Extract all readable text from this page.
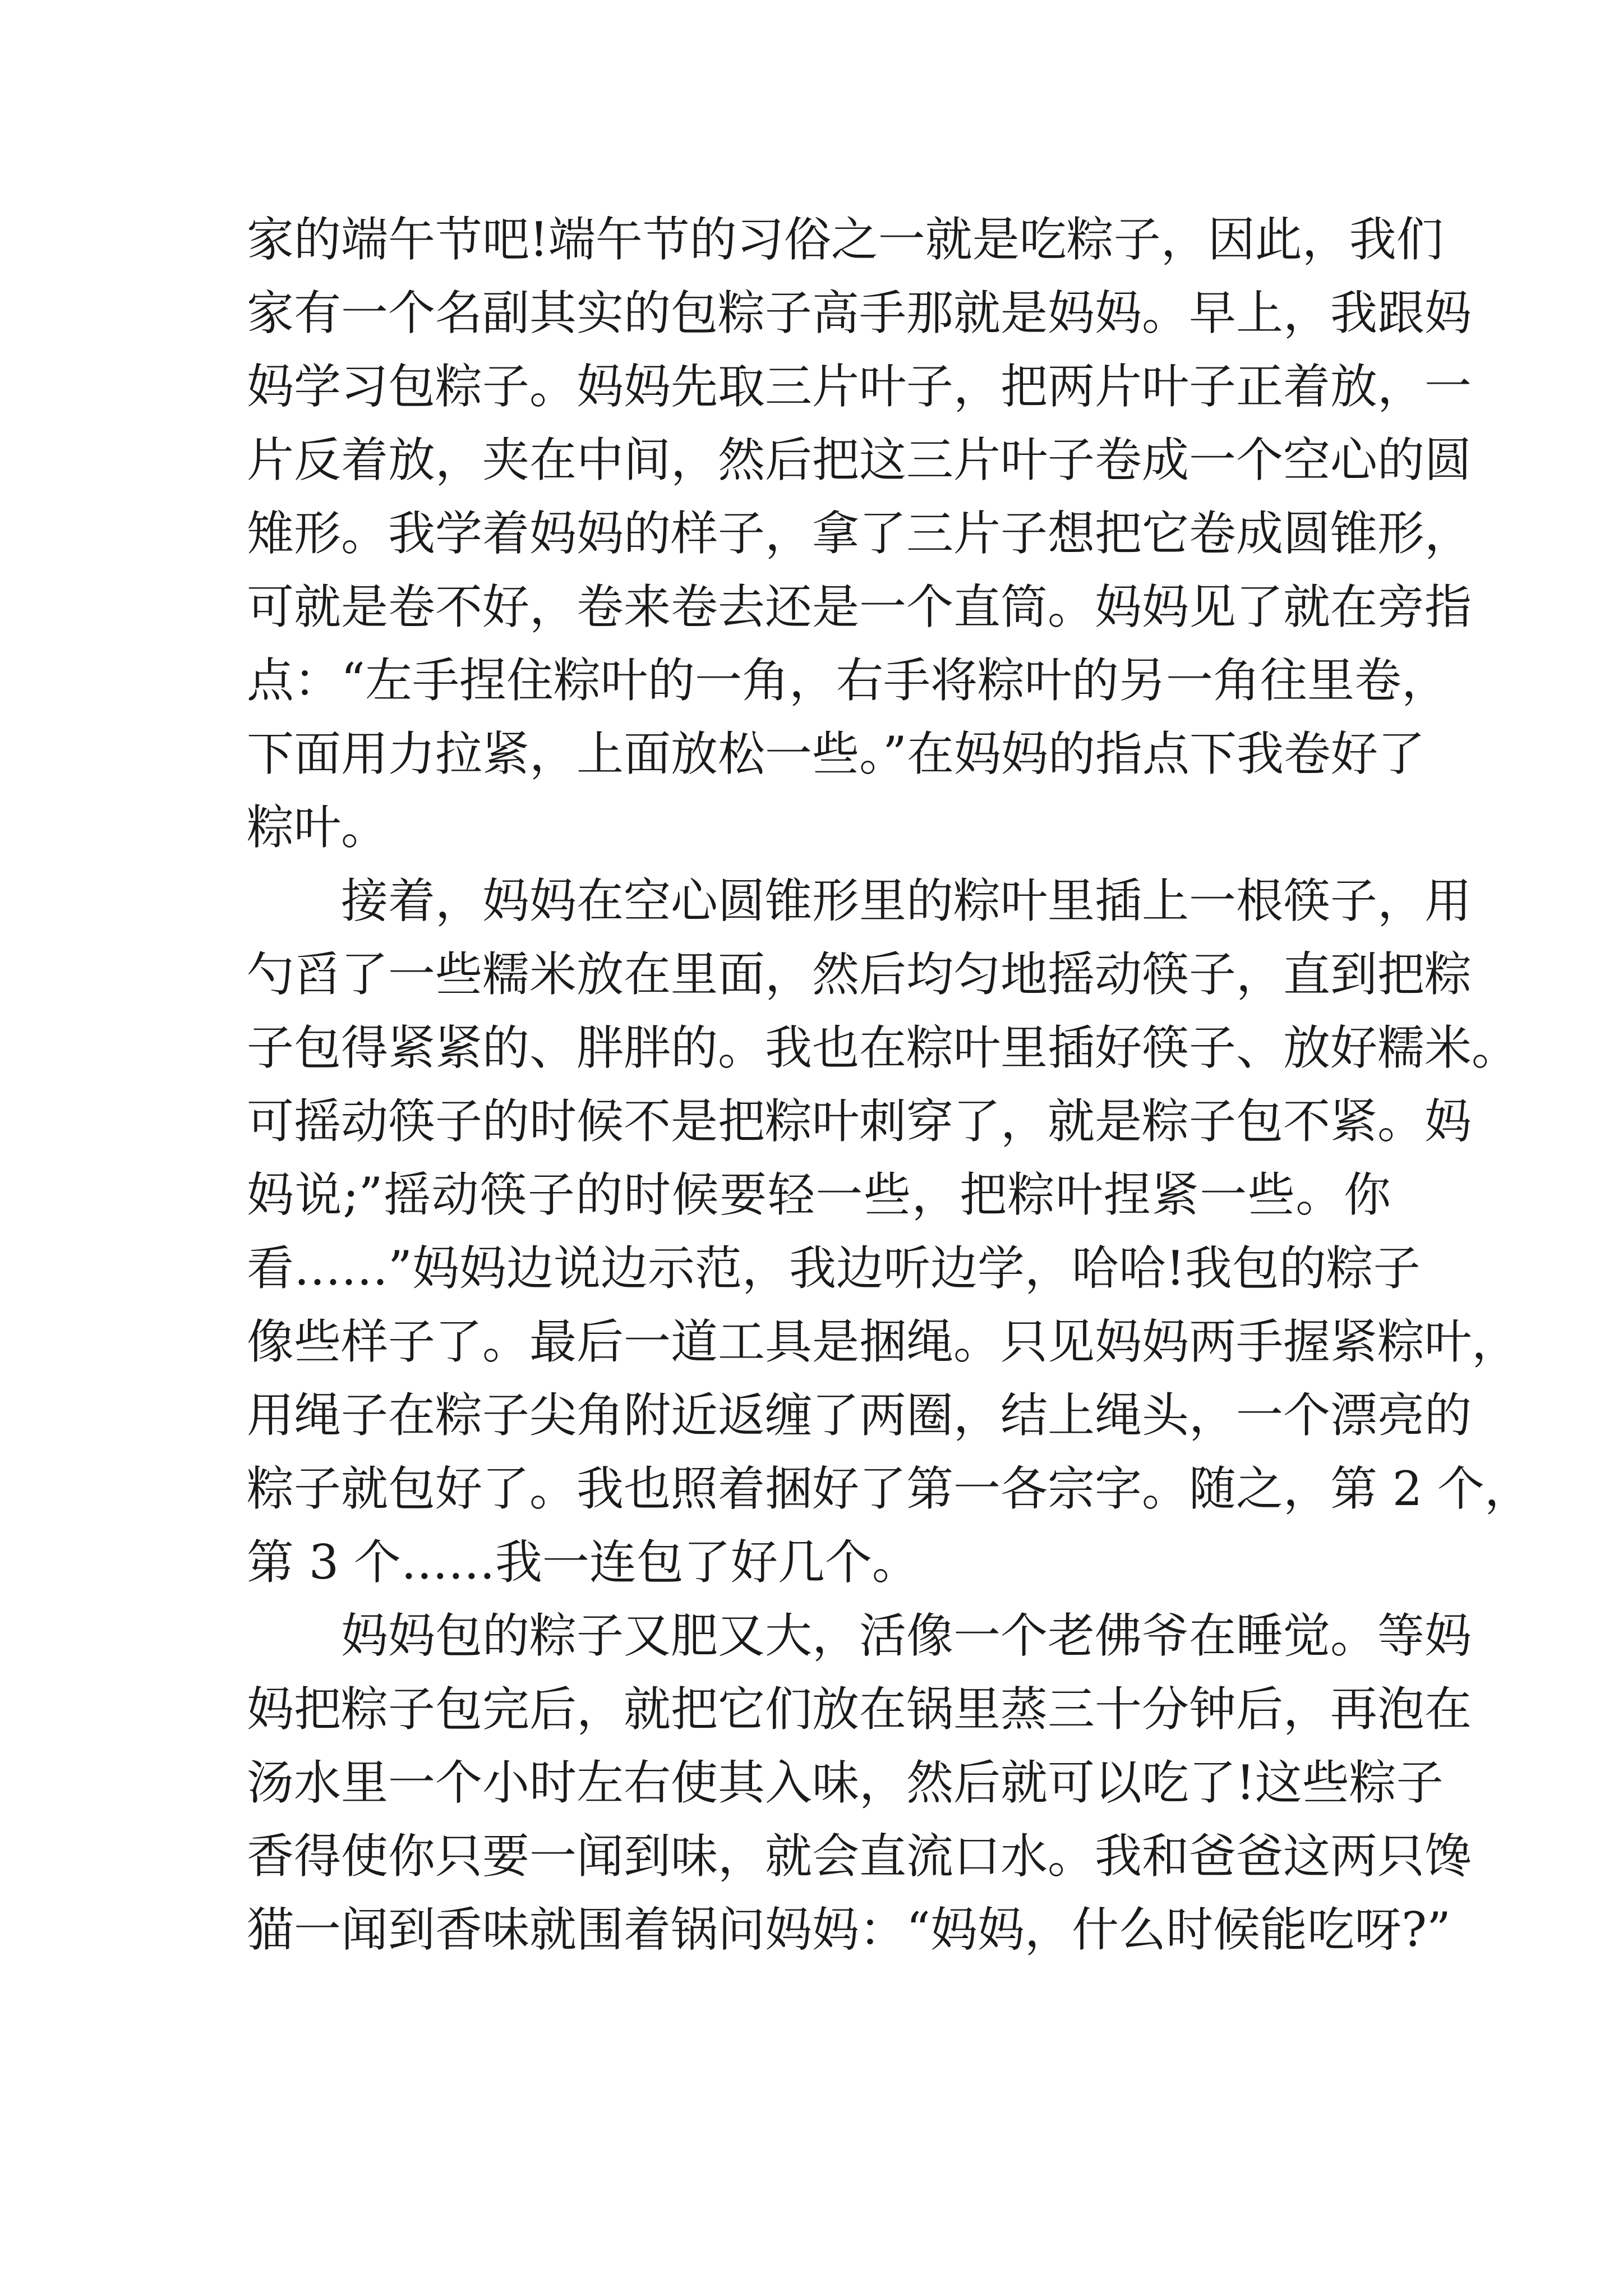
家的端午节吧!端午节的习俗之一就是吃粽子，因此，我们
家有一个名副其实的包粽子高手那就是妈妈。早上，我跟妈
妈学习包粽子。妈妈先取三片叶子，把两片叶子正着放，一
片反着放，夹在中间，然后把这三片叶子卷成一个空心的圆
雉形。我学着妈妈的样子，拿了三片子想把它卷成圆锥形，
可就是卷不好，卷来卷去还是一个直筒。妈妈见了就在旁指
点：“左手捏住粽叶的一角，右手将粽叶的另一角往里卷，
下面用力拉紧，上面放松一些。”在妈妈的指点下我卷好了
粽叶。
接着，妈妈在空心圆锥形里的粽叶里插上一根筷子，用
勺舀了一些糯米放在里面，然后均匀地摇动筷子，直到把粽
子包得紧紧的、胖胖的。我也在粽叶里插好筷子、放好糯米。
可摇动筷子的时候不是把粽叶刺穿了，就是粽子包不紧。妈
妈说;”摇动筷子的时候要轻一些，把粽叶捏紧一些。你
看……”妈妈边说边示范，我边听边学，哈哈!我包的粽子
像些样子了。最后一道工具是捆绳。只见妈妈两手握紧粽叶，
用绳子在粽子尖角附近返缠了两圈，结上绳头，一个漂亮的
粽子就包好了。我也照着捆好了第一各宗字。随之，第 2 个，
第 3 个……我一连包了好几个。
妈妈包的粽子又肥又大，活像一个老佛爷在睡觉。等妈
妈把粽子包完后，就把它们放在锅里蒸三十分钟后，再泡在
汤水里一个小时左右使其入味，然后就可以吃了!这些粽子
香得使你只要一闻到味，就会直流口水。我和爸爸这两只馋
猫一闻到香味就围着锅问妈妈：“妈妈，什么时候能吃呀?”
